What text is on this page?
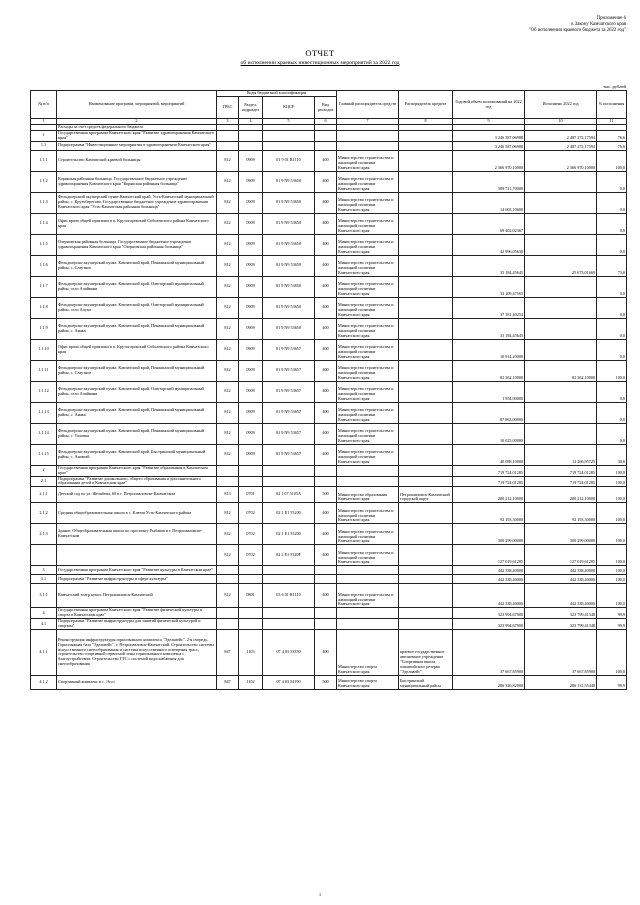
Приложение 6
к Закону Камчатского края
"Об исполнении краевого бюджета за 2022 год"
ОТЧЕТ
об исполнении краевых инвестиционных мероприятий за 2022 год
тыс. рублей
№ п/п	Наименование программ, мероприятий, мероприятий	Коды бюджетной классификации				Главный распорядитель средств	Распорядитель кредита	Годовой объем ассигнований на 2022 год	Исполнено 2022 год	% исполнения
		ГРБС	Раздел, подраздел	КЦСР	Вид расходов					
1	2	3	4	5	6	7	8	9	10	11
	Расходы за счет средств федерального бюджета									
1	Государственная программа Камчатского края "Развитие здравоохранения Камчатского края"							3 246 587,06988	2 487 272,17594	76,6
1.1	Подпрограмма "Инвестиционные мероприятия в здравоохранении Камчатского края"							3 246 587,06988	2 487 272,17594	76,6
1.1.1	Строительство Камчатской краевой больницы	812	0909	01 9 01 R1110	400	Министерство строительства и жилищной политики Камчатского края		2 366 970,10000	2 366 970,10000	100,0
1.1.2	Корякская районная больница. Государственное бюджетное учреждение здравоохранения Камчатского края "Корякская районная больница"	812	0909	01 9 N9 53650	400	Министерство строительства и жилищной политики Камчатского края		309 721,70000		0,0
1.1.3	Фельдшерский акушерский пункт Камчатский край, Усть-Камчатский муниципальный район, с. Крутоберегово. Государственное бюджетное учреждение здравоохранения Камчатского края "Усть-Камчатская районная больница"	812	0909	01 9 N9 53650	400	Министерство строительства и жилищной политики Камчатского края		14 603,10600		0,0
1.1.4	Офис врача общей практики в п. Крутогоровский Соболевского района Камчатского края	812	0909	01 9 N9 53650	400	Министерство строительства и жилищной политики Камчатского края		69 402,02367		0,0
1.1.5	Озерновская районная больница. Государственное бюджетное учреждение здравоохранения Камчатского края "Озерновская районная больница"	812	0909	01 9 N9 53650	400	Министерство строительства и жилищной политики Камчатского края		42 996,05630		0,0
1.1.6	Фельдшерско-акушерский пункт. Камчатский край, Пенжинский муниципальный район, с. Слаутное	812	0909	01 9 N9 53650	400	Министерство строительства и жилищной политики Камчатского края		35 184,45645	25 673,01669	73,0
1.1.7	Фельдшерско-акушерский пункт. Камчатский край, Олюторский муниципальный район, село Ачайваям	812	0909	01 9 N9 53650	400	Министерство строительства и жилищной политики Камчатского края		32 109,47565		0,0
1.1.8	Фельдшерско-акушерский пункт. Камчатский край, Олюторский муниципальный район, село Апука	812	0909	01 9 N9 53650	400	Министерство строительства и жилищной политики Камчатского края		37 181,40254		0,0
1.1.9	Фельдшерско-акушерский пункт. Камчатский край, Пенжинский муниципальный район, с. Аянка	812	0909	01 9 N9 53650	400	Министерство строительства и жилищной политики Камчатского края		35 184,45645		0,0
1.1.10	Офис врача общей практики в п. Крутогоровский Соболевского района Камчатского края	812	0909	01 9 N9 53657	400	Министерство строительства и жилищной политики Камчатского края		10 914,20000		0,0
1.1.11	Фельдшерско-акушерский пункт. Камчатский край, Пенжинский муниципальный район, с. Слаутное	812	0909	01 9 N9 53657	400	Министерство строительства и жилищной политики Камчатского края		82 362,10000	82 362,10000	100,0
1.1.12	Фельдшерско-акушерский пункт. Камчатский край, Олюторский муниципальный район, село Ачайваям	812	0909	01 9 N9 53657	400	Министерство строительства и жилищной политики Камчатского края		1 954,90000		0,0
1.1.13	Фельдшерско-акушерский пункт. Камчатский край, Пенжинский муниципальный район, с. Аянка	812	0909	01 9 N9 53657	400	Министерство строительства и жилищной политики Камчатского края		87 863,00000		0,0
1.1.14	Фельдшерско-акушерский пункт. Камчатский край, Пенжинский муниципальный район, с. Таловка	812	0909	01 9 N9 53657	400	Министерство строительства и жилищной политики Камчатского края		10 025,00000		0,0
1.1.15	Фельдшерско-акушерский пункт. Камчатский край, Быстринский муниципальный район, с. Анавгай	812	0909	01 9 N9 53657	400	Министерство строительства и жилищной политики Камчатского края		40 088,10000	12 266,95725	30,6
2	Государственная программа Камчатского края "Развитие образования в Камчатском крае"							719 724,01285	719 724,01285	100,0
2.1	Подпрограмма "Развитие дошкольного, общего образования и дополнительного образования детей в Камчатском крае"							719 724,01285	719 724,01285	100,0
2.1.1	Детский сад по ул. Желябова, 60 в г. Петропавловске-Камчатском	813	0701	02 1 07 5105A	500	Министерство образования Камчатского края	Петропавловск-Камчатский городской округ	200 212,10000	200 212,10000	100,0
2.1.2	Средняя общеобразовательная школа в с. Ключи Усть-Камчатского района	812	0702	02 1 E1 55200	400	Министерство строительства и жилищной политики Камчатского края		92 193,30000	92 193,30000	100,0
2.1.3	Здание. Общеобразовательная школа по проспекту Рыбаков в г. Петропавловске-Камчатском	812	0702	02 1 E1 55200	400	Министерство строительства и жилищной политики Камчатского края		300 299,00000	300 299,00000	100,0
		812	0702	02 2 E1 5520F	400	Министерство строительства и жилищной политики Камчатского края		127 019,61285	127 019,61285	100,0
3	Государственная программа Камчатского края "Развитие культуры в Камчатском крае"							442 538,40000	442 538,40000	100,0
3.1	Подпрограмма "Развитие инфраструктуры в сфере культуры"							442 538,40000	442 538,40000	100,0
3.1.1	Камчатский театр кукол. Петропавловск-Камчатский	812	0801	03 6 01 R1110	400	Министерство строительства и жилищной политики Камчатского края		442 538,40000	442 538,40000	100,0
4	Государственная программа Камчатского края "Развитие физической культуры и спорта в Камчатском крае"							323 994,67900	323 799,41348	99,9
4.1	Подпрограмма "Развитие инфраструктуры для занятий физической культурой и спортом"							323 994,67900	323 799,41348	99,9
4.1.1	Реконструкция инфраструктуры горнолыжного комплекса "Эдельвейс". 2-я очередь. Горнолыжная база "Эдельвейс", г. Петропавловск-Камчатский. Строительство системы искусственного снегообразования и системы искусственного освещения трасс, строительство спортивной сервисной зоны горнолыжного комплекса с благоустройством. Строительство ГТС с системой водоснабжения для снегообразования	847	1103	07 4 03 53350	400	Министерство спорта Камчатского края	краевое государственное автономное учреждение "Спортивная школа олимпийского резерва "Эдельвейс"	37 667,85900	37 667,85900	100,0
4.1.2	Спортивный комплекс в с. Эссо	847	1102	07 4 03 54190	500	Министерство спорта Камчатского края	Быстринский муниципальный район	286 326,82000	286 131,55448	99,9
1
